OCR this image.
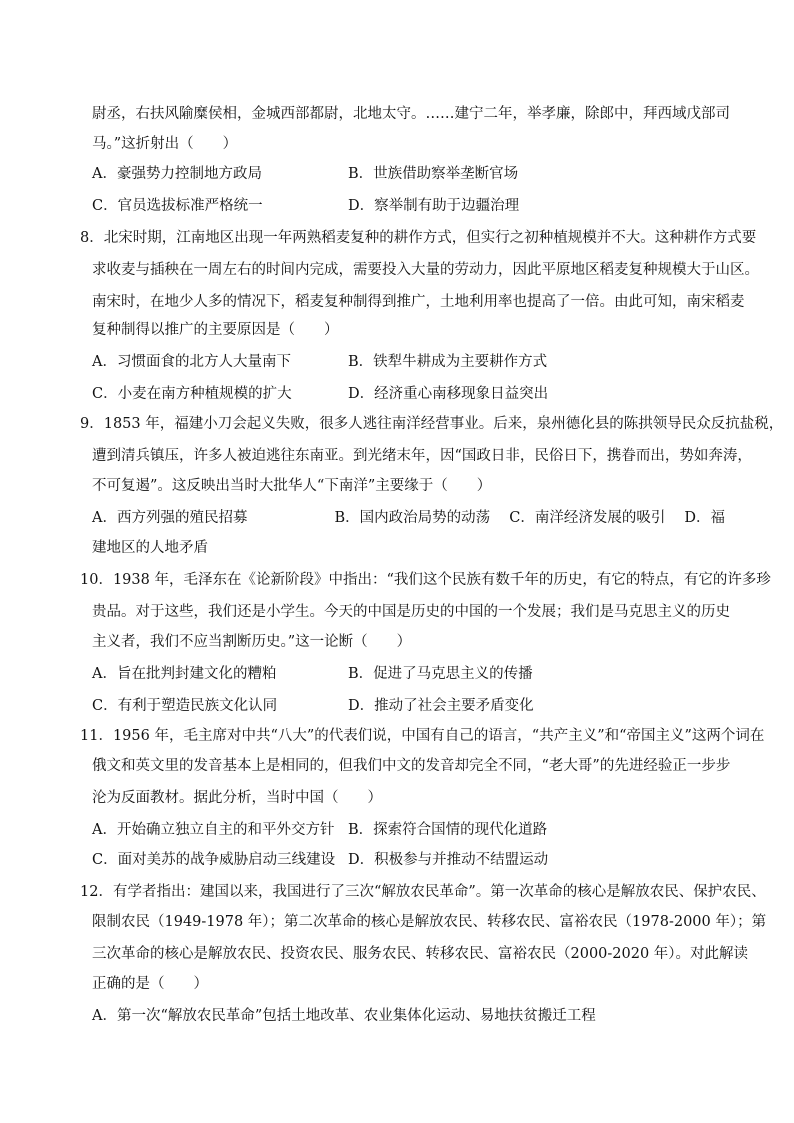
尉丞，右扶风隃糜侯相，金城西部都尉，北地太守。……建宁二年，举孝廉，除郎中，拜西域戊部司
马。”这折射出（　　）
A．豪强势力控制地方政局	B．世族借助察举垄断官场
C．官员选拔标准严格统一	D．察举制有助于边疆治理
8．北宋时期，江南地区出现一年两熟稻麦复种的耕作方式，但实行之初种植规模并不大。这种耕作方式要
求收麦与插秧在一周左右的时间内完成，需要投入大量的劳动力，因此平原地区稻麦复种规模大于山区。
南宋时，在地少人多的情况下，稻麦复种制得到推广，土地利用率也提高了一倍。由此可知，南宋稻麦
复种制得以推广的主要原因是（　　）
A．习惯面食的北方人大量南下	B．铁犁牛耕成为主要耕作方式
C．小麦在南方种植规模的扩大	D．经济重心南移现象日益突出
9．1853 年，福建小刀会起义失败，很多人逃往南洋经营事业。后来，泉州德化县的陈拱领导民众反抗盐税，
遭到清兵镇压，许多人被迫逃往东南亚。到光绪末年，因“国政日非，民俗日下，携眷而出，势如奔涛，
不可复遏”。这反映出当时大批华人“下南洋”主要缘于（　　）
A．西方列强的殖民招募　　　　　　B．国内政治局势的动荡　 C．南洋经济发展的吸引　 D．福
建地区的人地矛盾
10．1938 年，毛泽东在《论新阶段》中指出：“我们这个民族有数千年的历史，有它的特点，有它的许多珍
贵品。对于这些，我们还是小学生。今天的中国是历史的中国的一个发展；我们是马克思主义的历史
主义者，我们不应当割断历史。”这一论断（　　）
A．旨在批判封建文化的糟粕	B．促进了马克思主义的传播
C．有利于塑造民族文化认同	D．推动了社会主要矛盾变化
11．1956 年，毛主席对中共“八大”的代表们说，中国有自己的语言，“共产主义”和“帝国主义”这两个词在
俄文和英文里的发音基本上是相同的，但我们中文的发音却完全不同，“老大哥”的先进经验正一步步
沦为反面教材。据此分析，当时中国（　　）
A．开始确立独立自主的和平外交方针 B．探索符合国情的现代化道路
C．面对美苏的战争威胁启动三线建设 D．积极参与并推动不结盟运动
12．有学者指出：建国以来，我国进行了三次“解放农民革命”。第一次革命的核心是解放农民、保护农民、
限制农民（1949-1978 年）；第二次革命的核心是解放农民、转移农民、富裕农民（1978-2000 年）；第
三次革命的核心是解放农民、投资农民、服务农民、转移农民、富裕农民（2000-2020 年）。对此解读
正确的是（　　）
A．第一次“解放农民革命”包括土地改革、农业集体化运动、易地扶贫搬迁工程
